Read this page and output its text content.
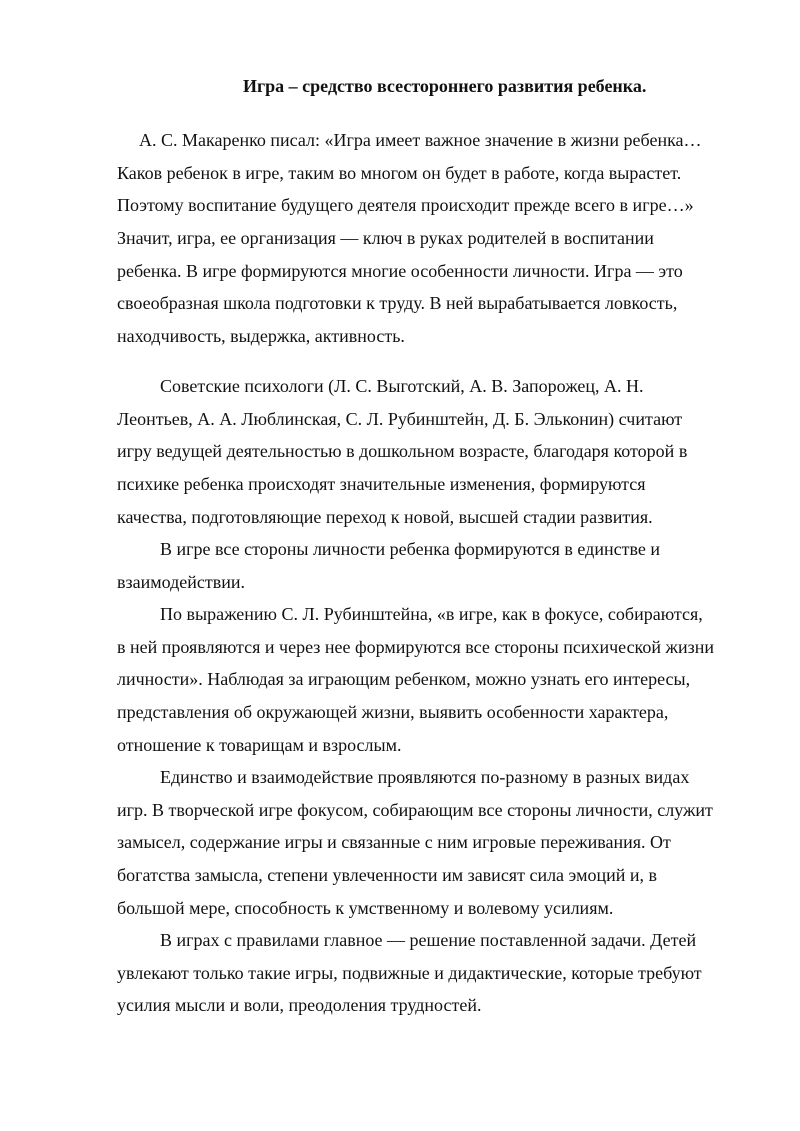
Игра – средство всестороннего развития ребенка.
А. С. Макаренко писал: «Игра имеет важное значение в жизни ребенка…
Каков ребенок в игре, таким во многом он будет в работе, когда вырастет.
Поэтому воспитание будущего деятеля происходит прежде всего в игре…»
Значит, игра, ее организация — ключ в руках родителей в воспитании
ребенка. В игре формируются многие особенности личности. Игра — это
своеобразная школа подготовки к труду. В ней вырабатывается ловкость,
находчивость, выдержка, активность.
Советские психологи (Л. С. Выготский, А. В. Запорожец, А. Н.
Леонтьев, А. А. Люблинская, С. Л. Рубинштейн, Д. Б. Эльконин) считают
игру ведущей деятельностью в дошкольном возрасте, благодаря которой в
психике ребенка происходят значительные изменения, формируются
качества, подготовляющие переход к новой, высшей стадии развития.
В игре все стороны личности ребенка формируются в единстве и
взаимодействии.
По выражению С. Л. Рубинштейна, «в игре, как в фокусе, собираются,
в ней проявляются и через нее формируются все стороны психической жизни
личности». Наблюдая за играющим ребенком, можно узнать его интересы,
представления об окружающей жизни, выявить особенности характера,
отношение к товарищам и взрослым.
Единство и взаимодействие проявляются по-разному в разных видах
игр. В творческой игре фокусом, собирающим все стороны личности, служит
замысел, содержание игры и связанные с ним игровые переживания. От
богатства замысла, степени увлеченности им зависят сила эмоций и, в
большой мере, способность к умственному и волевому усилиям.
В играх с правилами главное — решение поставленной задачи. Детей
увлекают только такие игры, подвижные и дидактические, которые требуют
усилия мысли и воли, преодоления трудностей.
